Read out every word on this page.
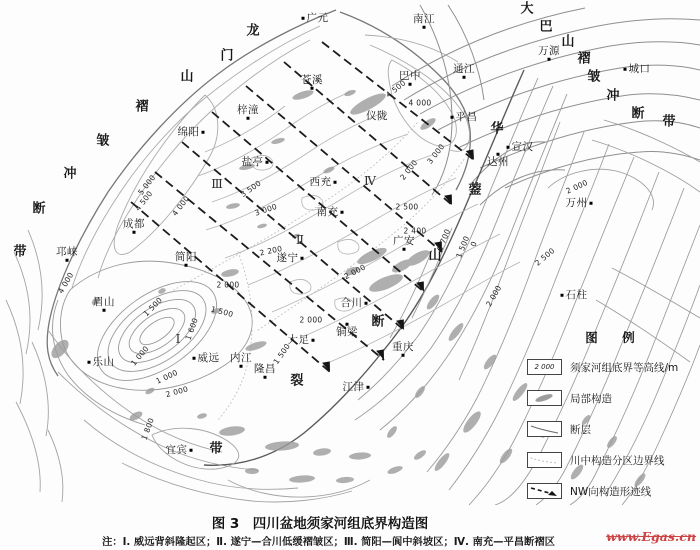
广元	南江
通江
万源
城口
巴中
苍溪
梓潼
绵阳
盐亭
仪陇	平昌
西充
南充
成都
邛崃	简阳	遂宁
达州
宣汉
万州
石柱
广安
眉山
乐山	威远 内江
隆昌
大足
合川
铜梁
重庆
江津
宜宾
龙
门
山
褶
皱
冲
断
带
大
巴
山
褶
皱
冲
断
带
华
蓥
山
断
裂
带
Ⅲ	Ⅳ
Ⅱ
Ⅰ
5 000
4 500 4 000
4 000
4 500
4 000
3 500
3 000
3 000
2 000
2 500
2 400
2 200
2 000
2 000
2 000
1 500
1 600
1 500
1 000
1 000
2 000
1 800
1 500
1 700 1 500
0
2 000
2 500
2 000
图　例
2 000 须家河组底界等高线/m
局部构造
断层
川中构造分区边界线
NW向构造形迹线
图 3　四川盆地须家河组底界构造图
注：Ⅰ. 威远背斜隆起区；Ⅱ. 遂宁—合川低缓褶皱区；Ⅲ. 简阳—阆中斜坡区；Ⅳ. 南充—平昌断褶区	www.Egas.cn
